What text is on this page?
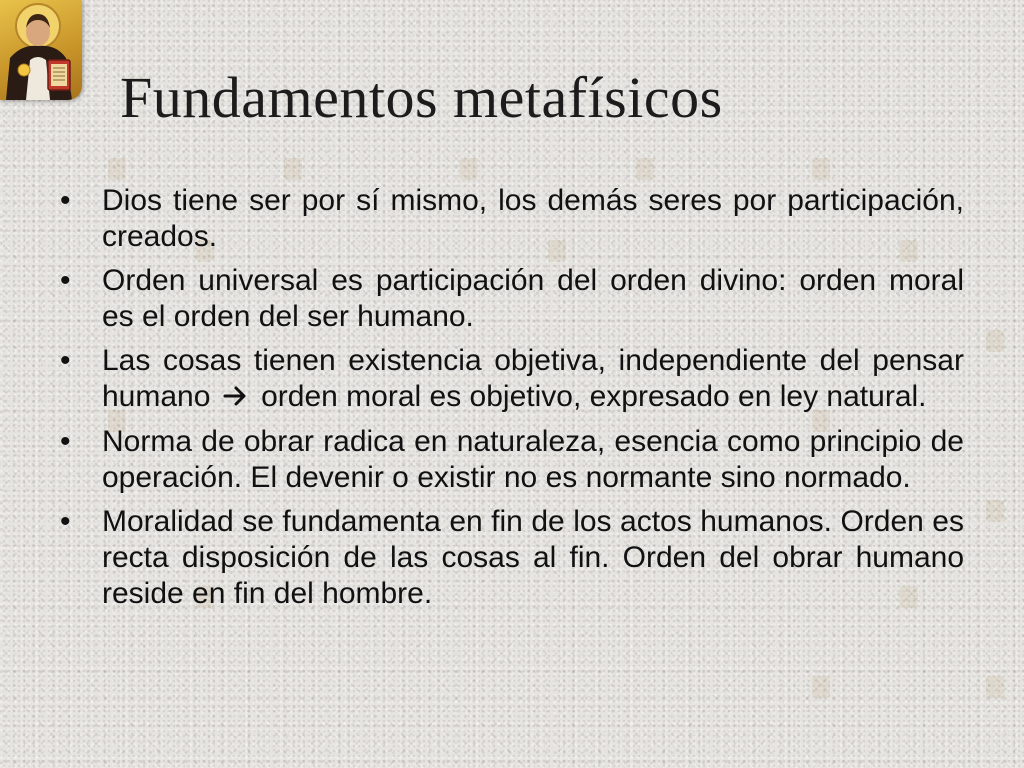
Fundamentos metafísicos
• Dios tiene ser por sí mismo, los demás seres por participación, creados.
• Orden universal es participación del orden divino: orden moral es el orden del ser humano.
• Las cosas tienen existencia objetiva, independiente del pensar humano orden moral es objetivo, expresado en ley natural.
• Norma de obrar radica en naturaleza, esencia como principio de operación. El devenir o existir no es normante sino normado.
• Moralidad se fundamenta en fin de los actos humanos. Orden es recta disposición de las cosas al fin. Orden del obrar humano reside en fin del hombre.
